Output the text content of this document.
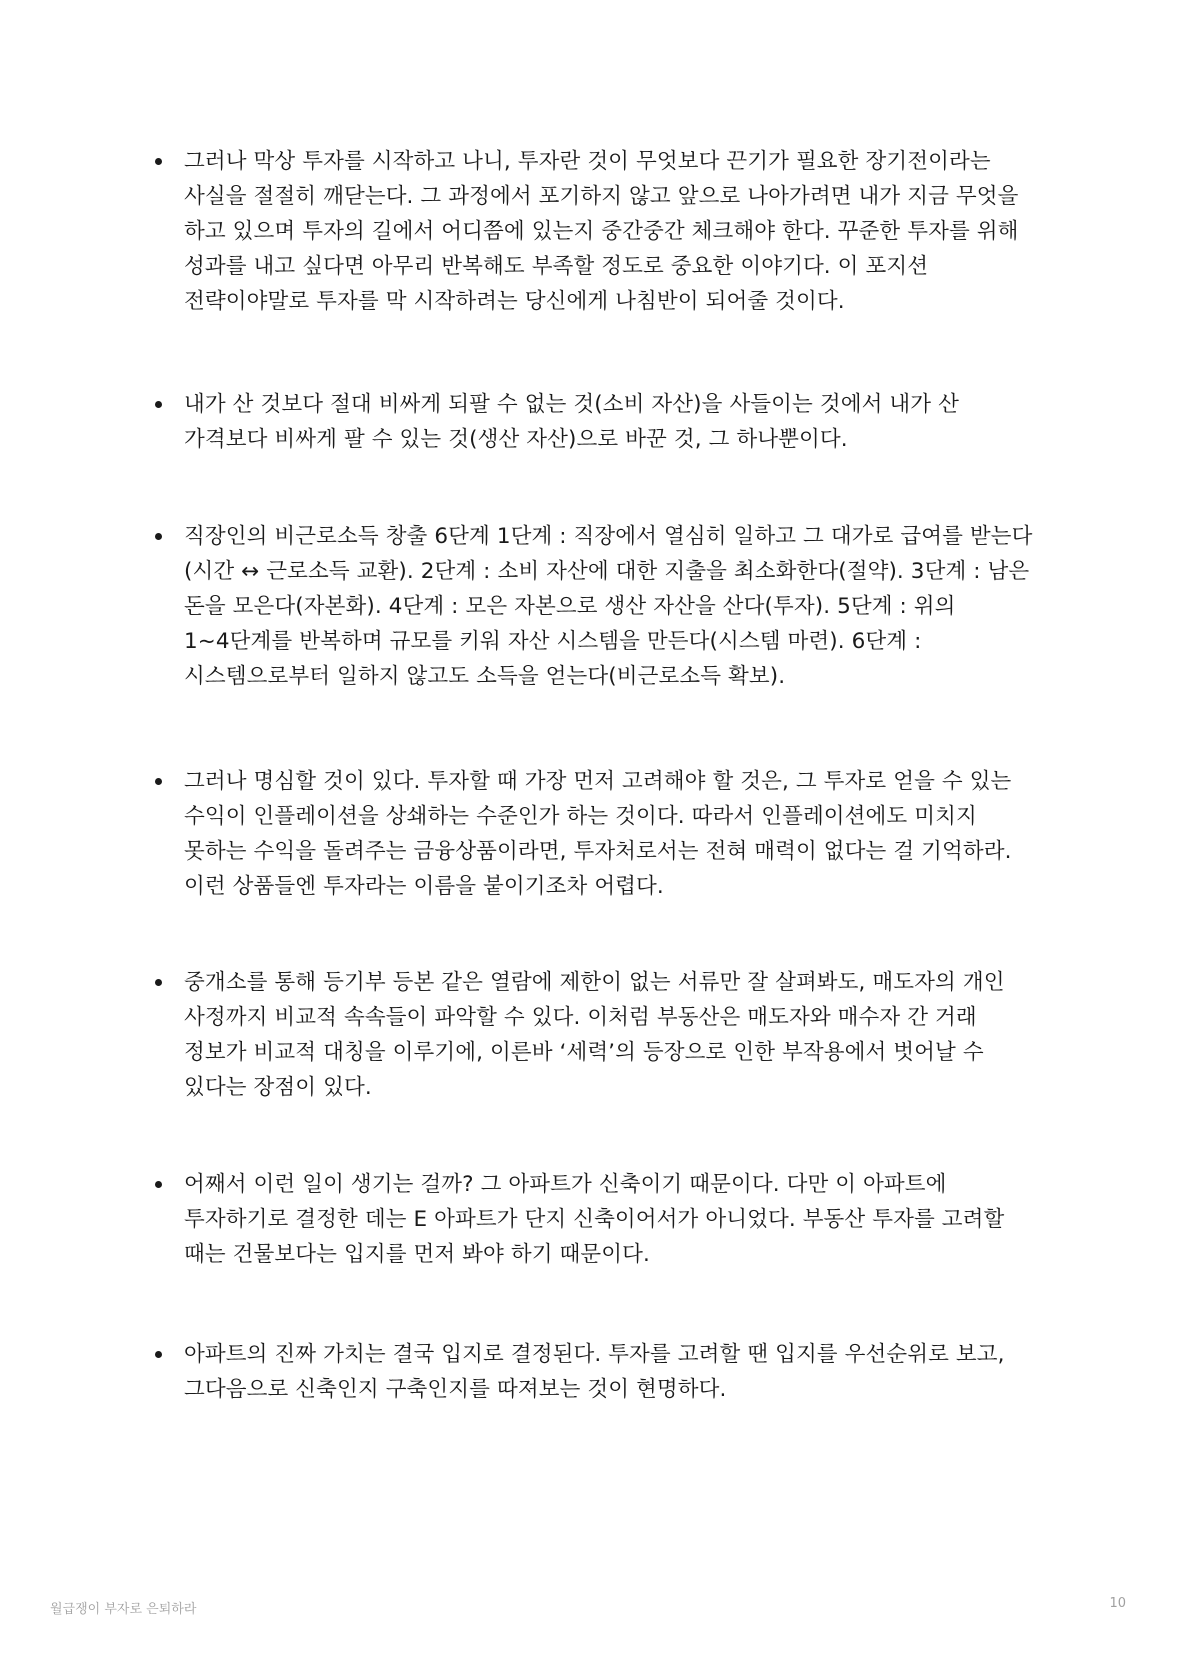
그러나 막상 투자를 시작하고 나니, 투자란 것이 무엇보다 끈기가 필요한 장기전이라는 사실을 절절히 깨닫는다. 그 과정에서 포기하지 않고 앞으로 나아가려면 내가 지금 무엇을 하고 있으며 투자의 길에서 어디쯤에 있는지 중간중간 체크해야 한다. 꾸준한 투자를 위해 성과를 내고 싶다면 아무리 반복해도 부족할 정도로 중요한 이야기다. 이 포지션 전략이야말로 투자를 막 시작하려는 당신에게 나침반이 되어줄 것이다.
내가 산 것보다 절대 비싸게 되팔 수 없는 것(소비 자산)을 사들이는 것에서 내가 산 가격보다 비싸게 팔 수 있는 것(생산 자산)으로 바꾼 것, 그 하나뿐이다.
직장인의 비근로소득 창출 6단계 1단계 : 직장에서 열심히 일하고 그 대가로 급여를 받는다(시간 ↔ 근로소득 교환). 2단계 : 소비 자산에 대한 지출을 최소화한다(절약). 3단계 : 남은 돈을 모은다(자본화). 4단계 : 모은 자본으로 생산 자산을 산다(투자). 5단계 : 위의 1~4단계를 반복하며 규모를 키워 자산 시스템을 만든다(시스템 마련). 6단계 : 시스템으로부터 일하지 않고도 소득을 얻는다(비근로소득 확보).
그러나 명심할 것이 있다. 투자할 때 가장 먼저 고려해야 할 것은, 그 투자로 얻을 수 있는 수익이 인플레이션을 상쇄하는 수준인가 하는 것이다. 따라서 인플레이션에도 미치지 못하는 수익을 돌려주는 금융상품이라면, 투자처로서는 전혀 매력이 없다는 걸 기억하라. 이런 상품들엔 투자라는 이름을 붙이기조차 어렵다.
중개소를 통해 등기부 등본 같은 열람에 제한이 없는 서류만 잘 살펴봐도, 매도자의 개인 사정까지 비교적 속속들이 파악할 수 있다. 이처럼 부동산은 매도자와 매수자 간 거래 정보가 비교적 대칭을 이루기에, 이른바 ‘세력’의 등장으로 인한 부작용에서 벗어날 수 있다는 장점이 있다.
어째서 이런 일이 생기는 걸까? 그 아파트가 신축이기 때문이다. 다만 이 아파트에 투자하기로 결정한 데는 E 아파트가 단지 신축이어서가 아니었다. 부동산 투자를 고려할 때는 건물보다는 입지를 먼저 봐야 하기 때문이다.
아파트의 진짜 가치는 결국 입지로 결정된다. 투자를 고려할 땐 입지를 우선순위로 보고, 그다음으로 신축인지 구축인지를 따져보는 것이 현명하다.
월급쟁이 부자로 은퇴하라	10
